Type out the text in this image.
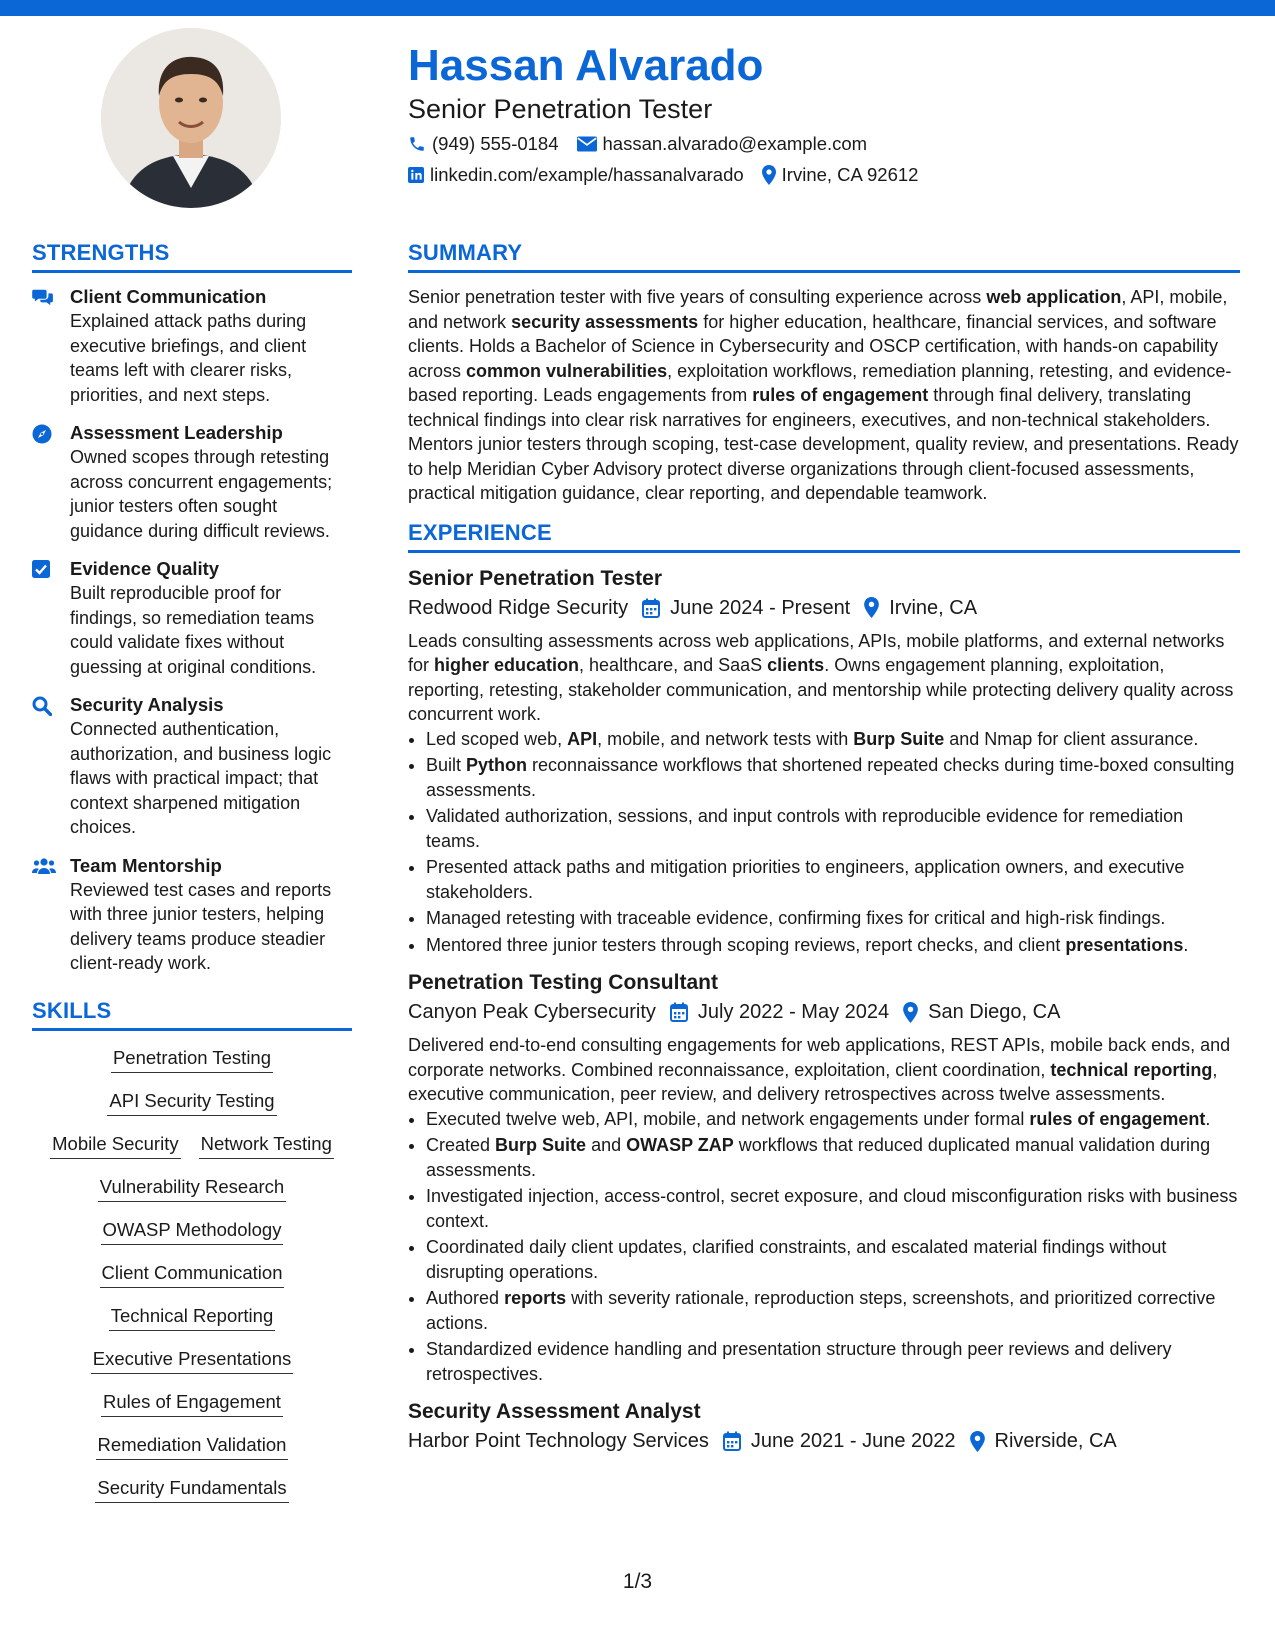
Hassan Alvarado
Senior Penetration Tester
(949) 555-0184 hassan.alvarado@example.com
linkedin.com/example/hassanalvarado Irvine, CA 92612
STRENGTHS
Client Communication
Explained attack paths during executive briefings, and client teams left with clearer risks, priorities, and next steps.
Assessment Leadership
Owned scopes through retesting across concurrent engagements; junior testers often sought guidance during difficult reviews.
Evidence Quality
Built reproducible proof for findings, so remediation teams could validate fixes without guessing at original conditions.
Security Analysis
Connected authentication, authorization, and business logic flaws with practical impact; that context sharpened mitigation choices.
Team Mentorship
Reviewed test cases and reports with three junior testers, helping delivery teams produce steadier client-ready work.
SKILLS
Penetration Testing
API Security Testing
Mobile Security Network Testing
Vulnerability Research
OWASP Methodology
Client Communication
Technical Reporting
Executive Presentations
Rules of Engagement
Remediation Validation
Security Fundamentals
SUMMARY
Senior penetration tester with five years of consulting experience across web application, API, mobile, and network security assessments for higher education, healthcare, financial services, and software clients. Holds a Bachelor of Science in Cybersecurity and OSCP certification, with hands-on capability across common vulnerabilities, exploitation workflows, remediation planning, retesting, and evidence-based reporting. Leads engagements from rules of engagement through final delivery, translating technical findings into clear risk narratives for engineers, executives, and non-technical stakeholders. Mentors junior testers through scoping, test-case development, quality review, and presentations. Ready to help Meridian Cyber Advisory protect diverse organizations through client-focused assessments, practical mitigation guidance, clear reporting, and dependable teamwork.
EXPERIENCE
Senior Penetration Tester
Redwood Ridge Security June 2024 - Present Irvine, CA
Leads consulting assessments across web applications, APIs, mobile platforms, and external networks for higher education, healthcare, and SaaS clients. Owns engagement planning, exploitation, reporting, retesting, stakeholder communication, and mentorship while protecting delivery quality across concurrent work.
• Led scoped web, API, mobile, and network tests with Burp Suite and Nmap for client assurance.
• Built Python reconnaissance workflows that shortened repeated checks during time-boxed consulting assessments.
• Validated authorization, sessions, and input controls with reproducible evidence for remediation teams.
• Presented attack paths and mitigation priorities to engineers, application owners, and executive stakeholders.
• Managed retesting with traceable evidence, confirming fixes for critical and high-risk findings.
• Mentored three junior testers through scoping reviews, report checks, and client presentations.
Penetration Testing Consultant
Canyon Peak Cybersecurity July 2022 - May 2024 San Diego, CA
Delivered end-to-end consulting engagements for web applications, REST APIs, mobile back ends, and corporate networks. Combined reconnaissance, exploitation, client coordination, technical reporting, executive communication, peer review, and delivery retrospectives across twelve assessments.
• Executed twelve web, API, mobile, and network engagements under formal rules of engagement.
• Created Burp Suite and OWASP ZAP workflows that reduced duplicated manual validation during assessments.
• Investigated injection, access-control, secret exposure, and cloud misconfiguration risks with business context.
• Coordinated daily client updates, clarified constraints, and escalated material findings without disrupting operations.
• Authored reports with severity rationale, reproduction steps, screenshots, and prioritized corrective actions.
• Standardized evidence handling and presentation structure through peer reviews and delivery retrospectives.
Security Assessment Analyst
Harbor Point Technology Services June 2021 - June 2022 Riverside, CA
1/3
